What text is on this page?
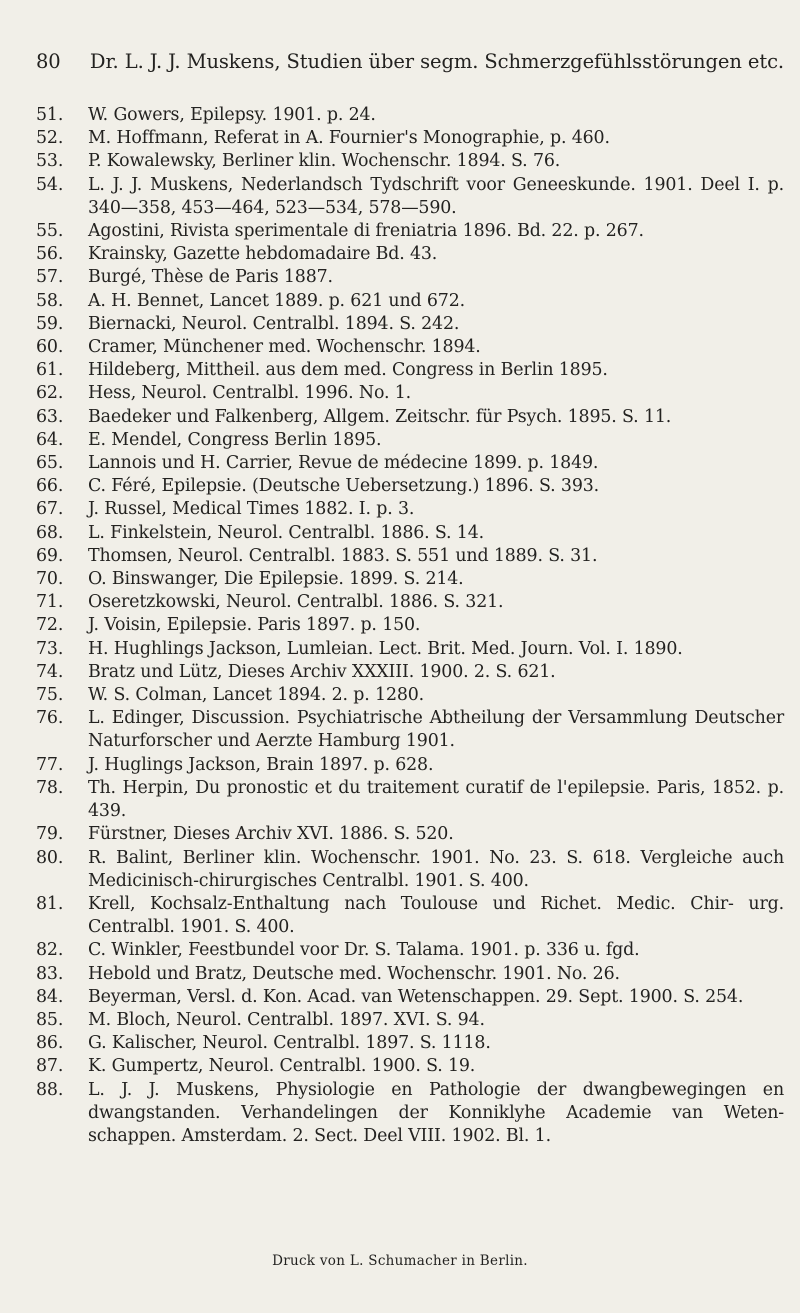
80	Dr. L. J. J. Muskens, Studien über segm. Schmerzgefühlsstörungen etc.
51.	W. Gowers, Epilepsy. 1901. p. 24.
52.	M. Hoffmann, Referat in A. Fournier's Monographie, p. 460.
53.	P. Kowalewsky, Berliner klin. Wochenschr. 1894. S. 76.
54.	L. J. J. Muskens, Nederlandsch Tydschrift voor Geneeskunde. 1901. Deel I. p. 340—358, 453—464, 523—534, 578—590.
55.	Agostini, Rivista sperimentale di freniatria 1896. Bd. 22. p. 267.
56.	Krainsky, Gazette hebdomadaire Bd. 43.
57.	Burgé, Thèse de Paris 1887.
58.	A. H. Bennet, Lancet 1889. p. 621 und 672.
59.	Biernacki, Neurol. Centralbl. 1894. S. 242.
60.	Cramer, Münchener med. Wochenschr. 1894.
61.	Hildeberg, Mittheil. aus dem med. Congress in Berlin 1895.
62.	Hess, Neurol. Centralbl. 1996. No. 1.
63.	Baedeker und Falkenberg, Allgem. Zeitschr. für Psych. 1895. S. 11.
64.	E. Mendel, Congress Berlin 1895.
65.	Lannois und H. Carrier, Revue de médecine 1899. p. 1849.
66.	C. Féré, Epilepsie. (Deutsche Uebersetzung.) 1896. S. 393.
67.	J. Russel, Medical Times 1882. I. p. 3.
68.	L. Finkelstein, Neurol. Centralbl. 1886. S. 14.
69.	Thomsen, Neurol. Centralbl. 1883. S. 551 und 1889. S. 31.
70.	O. Binswanger, Die Epilepsie. 1899. S. 214.
71.	Oseretzkowski, Neurol. Centralbl. 1886. S. 321.
72.	J. Voisin, Epilepsie. Paris 1897. p. 150.
73.	H. Hughlings Jackson, Lumleian. Lect. Brit. Med. Journ. Vol. I. 1890.
74.	Bratz und Lütz, Dieses Archiv XXXIII. 1900. 2. S. 621.
75.	W. S. Colman, Lancet 1894. 2. p. 1280.
76.	L. Edinger, Discussion. Psychiatrische Abtheilung der Versammlung Deutscher Naturforscher und Aerzte Hamburg 1901.
77.	J. Huglings Jackson, Brain 1897. p. 628.
78.	Th. Herpin, Du pronostic et du traitement curatif de l'epilepsie. Paris, 1852. p. 439.
79.	Fürstner, Dieses Archiv XVI. 1886. S. 520.
80.	R. Balint, Berliner klin. Wochenschr. 1901. No. 23. S. 618. Vergleiche auch Medicinisch-chirurgisches Centralbl. 1901. S. 400.
81.	Krell, Kochsalz-Enthaltung nach Toulouse und Richet. Medic. Chir- urg. Centralbl. 1901. S. 400.
82.	C. Winkler, Feestbundel voor Dr. S. Talama. 1901. p. 336 u. fgd.
83.	Hebold und Bratz, Deutsche med. Wochenschr. 1901. No. 26.
84.	Beyerman, Versl. d. Kon. Acad. van Wetenschappen. 29. Sept. 1900. S. 254.
85.	M. Bloch, Neurol. Centralbl. 1897. XVI. S. 94.
86.	G. Kalischer, Neurol. Centralbl. 1897. S. 1118.
87.	K. Gumpertz, Neurol. Centralbl. 1900. S. 19.
88.	L. J. J. Muskens, Physiologie en Pathologie der dwangbewegingen en dwangstanden. Verhandelingen der Konniklyhe Academie van Weten- schappen. Amsterdam. 2. Sect. Deel VIII. 1902. Bl. 1.
Druck von L. Schumacher in Berlin.
